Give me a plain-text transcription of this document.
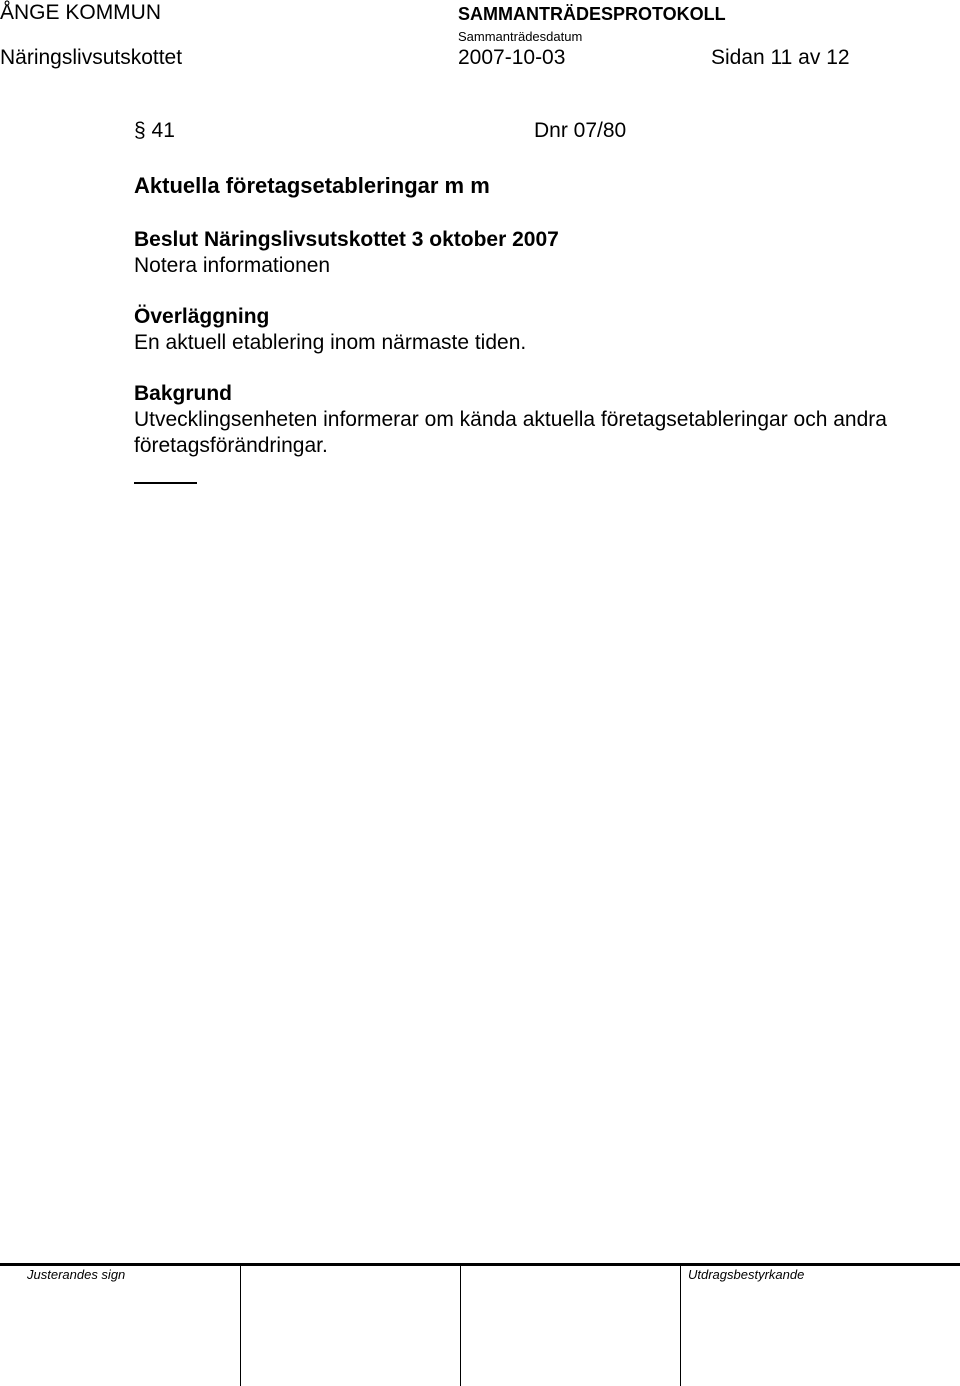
ÅNGE KOMMUN	SAMMANTRÄDESPROTOKOLL
Sammanträdesdatum
Näringslivsutskottet	2007-10-03	Sidan 11 av 12
§ 41	Dnr 07/80
Aktuella företagsetableringar m m

Beslut Näringslivsutskottet 3 oktober 2007

Notera informationen

Överläggning

En aktuell etablering inom närmaste tiden.

Bakgrund

Utvecklingsenheten informerar om kända aktuella företagsetableringar och andra företagsförändringar.

Justerandes sign	Utdragsbestyrkande
